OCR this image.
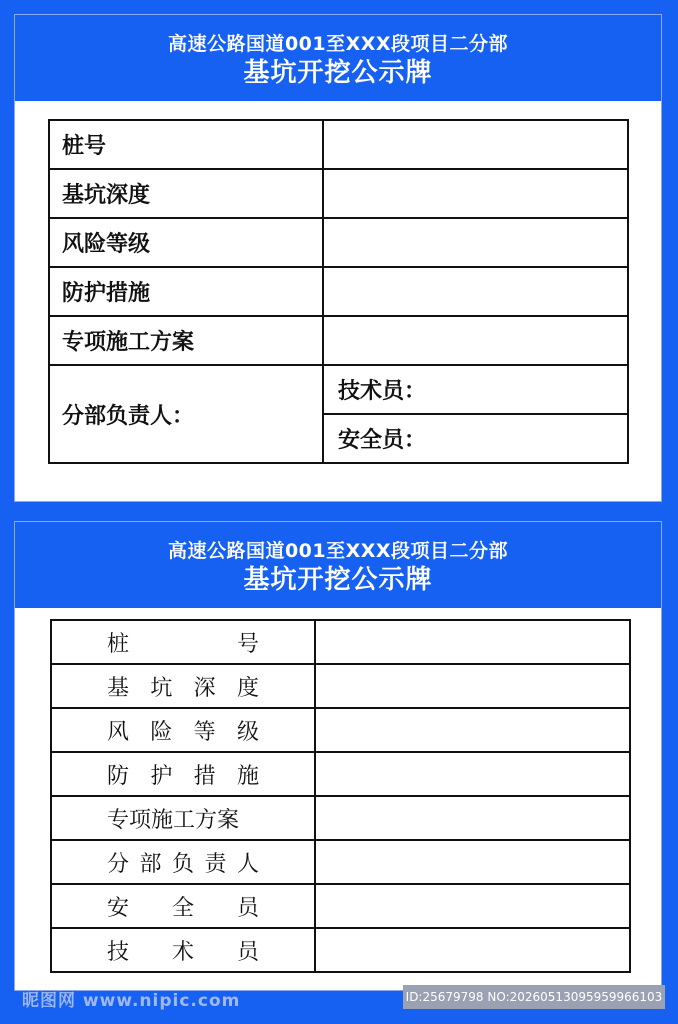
高速公路国道001至XXX段项目二分部
基坑开挖公示牌
桩号	
基坑深度	
风险等级	
防护措施	
专项施工方案	
分部负责人：	技术员：
	安全员：
高速公路国道001至XXX段项目二分部
基坑开挖公示牌
桩 号	

基 坑 深 度	

风 险 等 级	

防 护 措 施	

专项施工方案	

分 部 负 责 人	

安 全 员	

技 术 员	

昵图网 www.nipic.com	ID:25679798 NO:20260513095959966103
